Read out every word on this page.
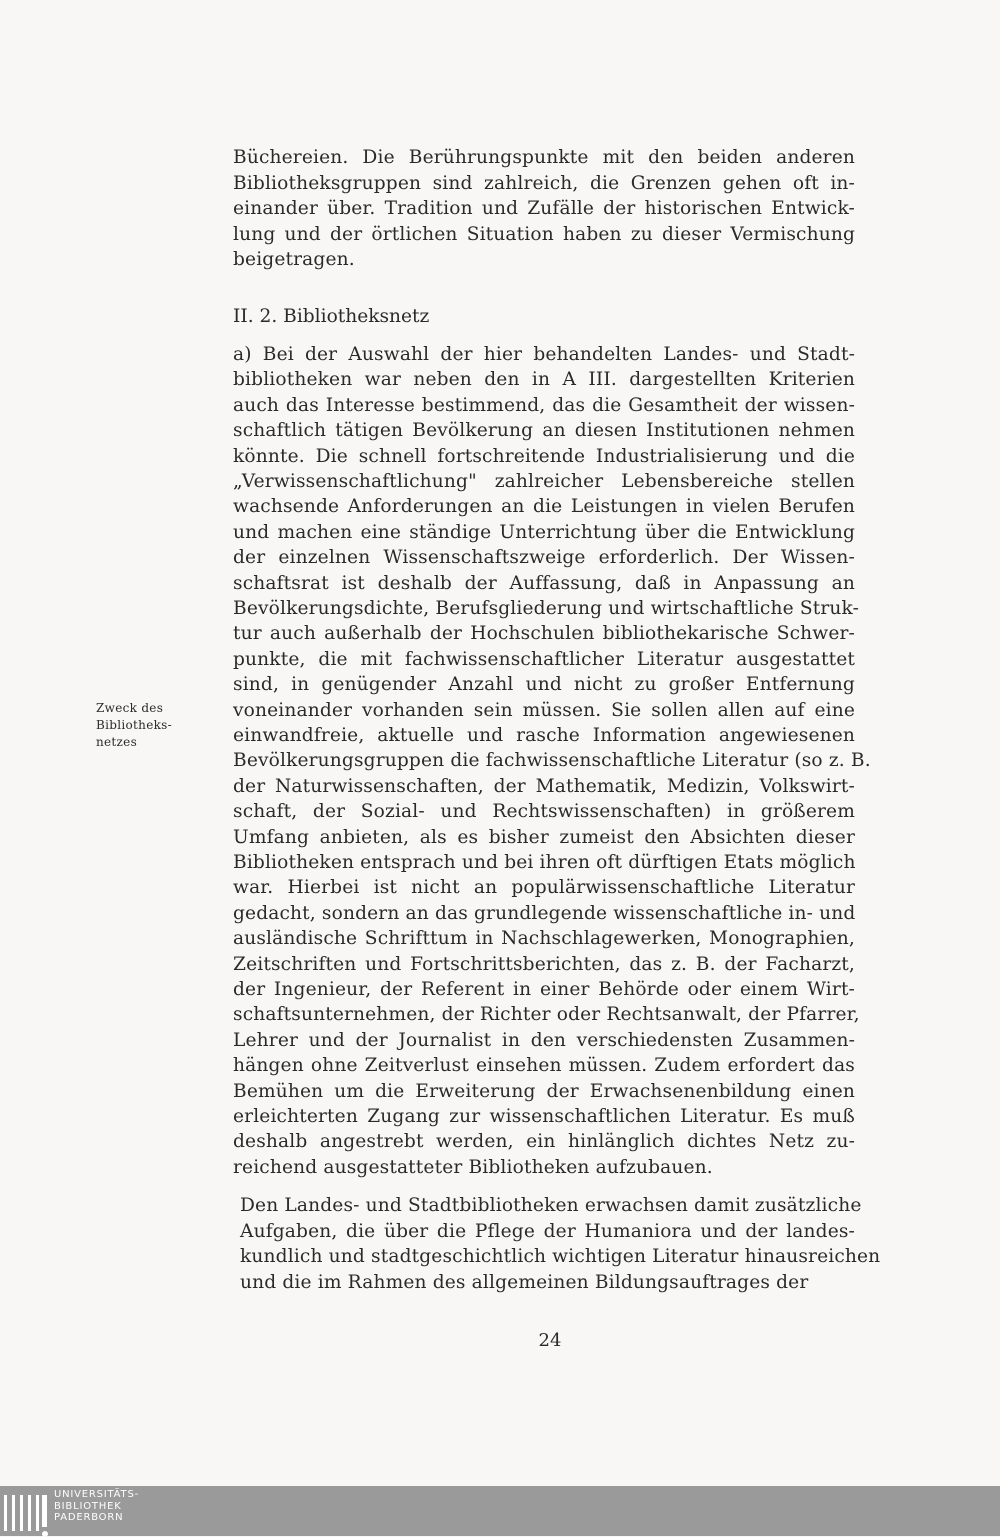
Büchereien. Die Berührungspunkte mit den beiden anderen
Bibliotheksgruppen sind zahlreich, die Grenzen gehen oft in-
einander über. Tradition und Zufälle der historischen Entwick-
lung und der örtlichen Situation haben zu dieser Vermischung
beigetragen.
II. 2. Bibliotheksnetz
a) Bei der Auswahl der hier behandelten Landes- und Stadt-
bibliotheken war neben den in A III. dargestellten Kriterien
auch das Interesse bestimmend, das die Gesamtheit der wissen-
schaftlich tätigen Bevölkerung an diesen Institutionen nehmen
könnte. Die schnell fortschreitende Industrialisierung und die
„Verwissenschaftlichung" zahlreicher Lebensbereiche stellen
wachsende Anforderungen an die Leistungen in vielen Berufen
und machen eine ständige Unterrichtung über die Entwicklung
der einzelnen Wissenschaftszweige erforderlich. Der Wissen-
schaftsrat ist deshalb der Auffassung, daß in Anpassung an
Bevölkerungsdichte, Berufsgliederung und wirtschaftliche Struk-
tur auch außerhalb der Hochschulen bibliothekarische Schwer-
punkte, die mit fachwissenschaftlicher Literatur ausgestattet
sind, in genügender Anzahl und nicht zu großer Entfernung
voneinander vorhanden sein müssen. Sie sollen allen auf eine
einwandfreie, aktuelle und rasche Information angewiesenen
Bevölkerungsgruppen die fachwissenschaftliche Literatur (so z. B.
der Naturwissenschaften, der Mathematik, Medizin, Volkswirt-
schaft, der Sozial- und Rechtswissenschaften) in größerem
Umfang anbieten, als es bisher zumeist den Absichten dieser
Bibliotheken entsprach und bei ihren oft dürftigen Etats möglich
war. Hierbei ist nicht an populärwissenschaftliche Literatur
gedacht, sondern an das grundlegende wissenschaftliche in- und
ausländische Schrifttum in Nachschlagewerken, Monographien,
Zeitschriften und Fortschrittsberichten, das z. B. der Facharzt,
der Ingenieur, der Referent in einer Behörde oder einem Wirt-
schaftsunternehmen, der Richter oder Rechtsanwalt, der Pfarrer,
Lehrer und der Journalist in den verschiedensten Zusammen-
hängen ohne Zeitverlust einsehen müssen. Zudem erfordert das
Bemühen um die Erweiterung der Erwachsenenbildung einen
erleichterten Zugang zur wissenschaftlichen Literatur. Es muß
deshalb angestrebt werden, ein hinlänglich dichtes Netz zu-
reichend ausgestatteter Bibliotheken aufzubauen.
Den Landes- und Stadtbibliotheken erwachsen damit zusätzliche
Aufgaben, die über die Pflege der Humaniora und der landes-
kundlich und stadtgeschichtlich wichtigen Literatur hinausreichen
und die im Rahmen des allgemeinen Bildungsauftrages der
Zweck des
Bibliotheks-
netzes
24
UNIVERSITÄTS-
BIBLIOTHEK
PADERBORN
